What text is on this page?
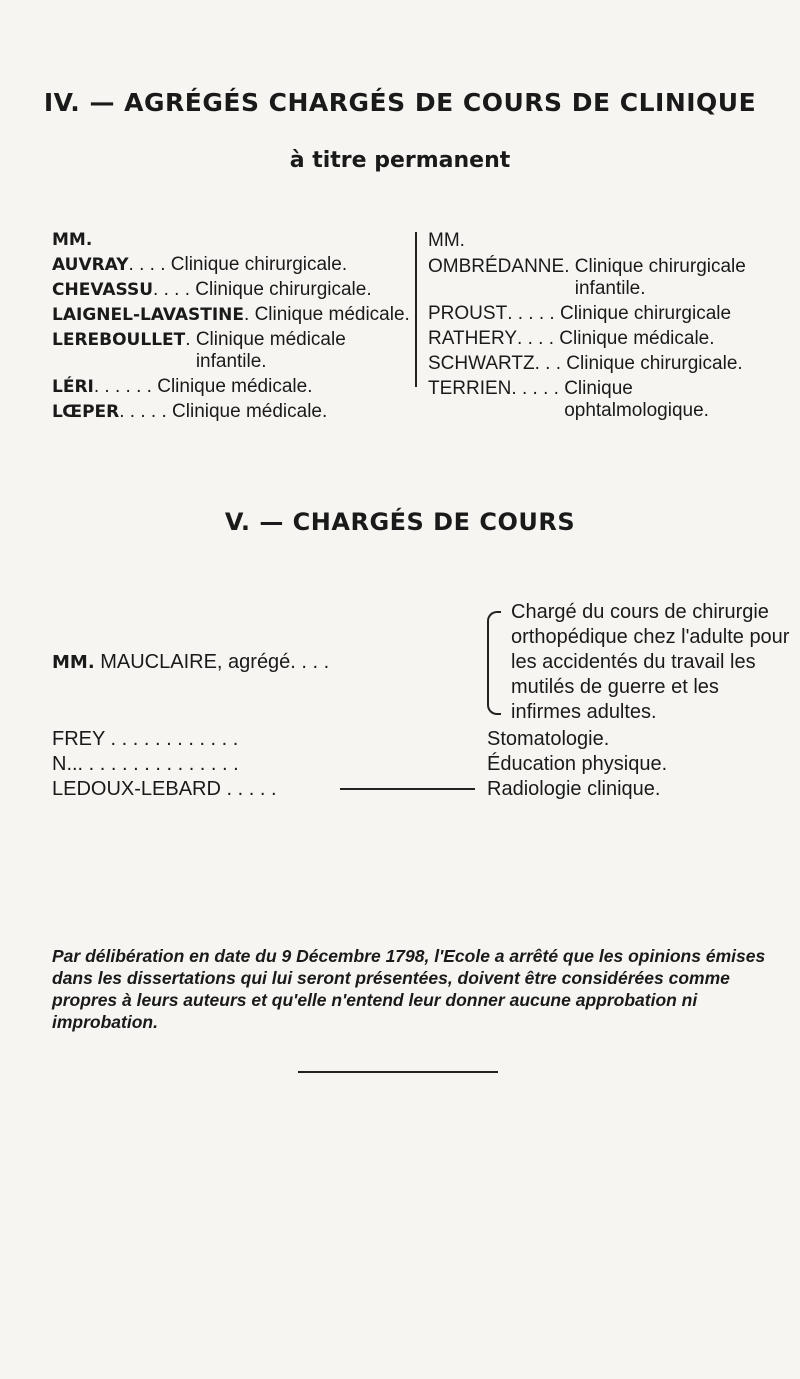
IV. — AGRÉGÉS CHARGÉS DE COURS DE CLINIQUE
à titre permanent
MM.
AUVRAY . . . . Clinique chirurgicale.
CHEVASSU . . . . Clinique chirurgicale.
LAIGNEL-LAVASTINE . Clinique médicale.
LEREBOULLET . Clinique médicale infantile.
LÉRI . . . . . . Clinique médicale.
LŒPER . . . . . Clinique médicale.
MM.
OMBRÉDANNE . Clinique chirurgicale infantile.
PROUST . . . . . Clinique chirurgicale
RATHERY . . . . Clinique médicale.
SCHWARTZ . . . Clinique chirurgicale.
TERRIEN . . . . . Clinique ophtalmologique.
V. — CHARGÉS DE COURS
MM. MAUCLAIRE, agrégé. . . .
Chargé du cours de chirurgie orthopédique chez l'adulte pour les accidentés du travail les mutilés de guerre et les infirmes adultes.
FREY . . . . . . . . . . . .	Stomatologie.
N... . . . . . . . . . . . . . .	Éducation physique.
LEDOUX-LEBARD . . . . .	Radiologie clinique.
Par délibération en date du 9 Décembre 1798, l'Ecole a arrêté que les opinions émises dans les dissertations qui lui seront présentées, doivent être considérées comme propres à leurs auteurs et qu'elle n'entend leur donner aucune approbation ni improbation.
